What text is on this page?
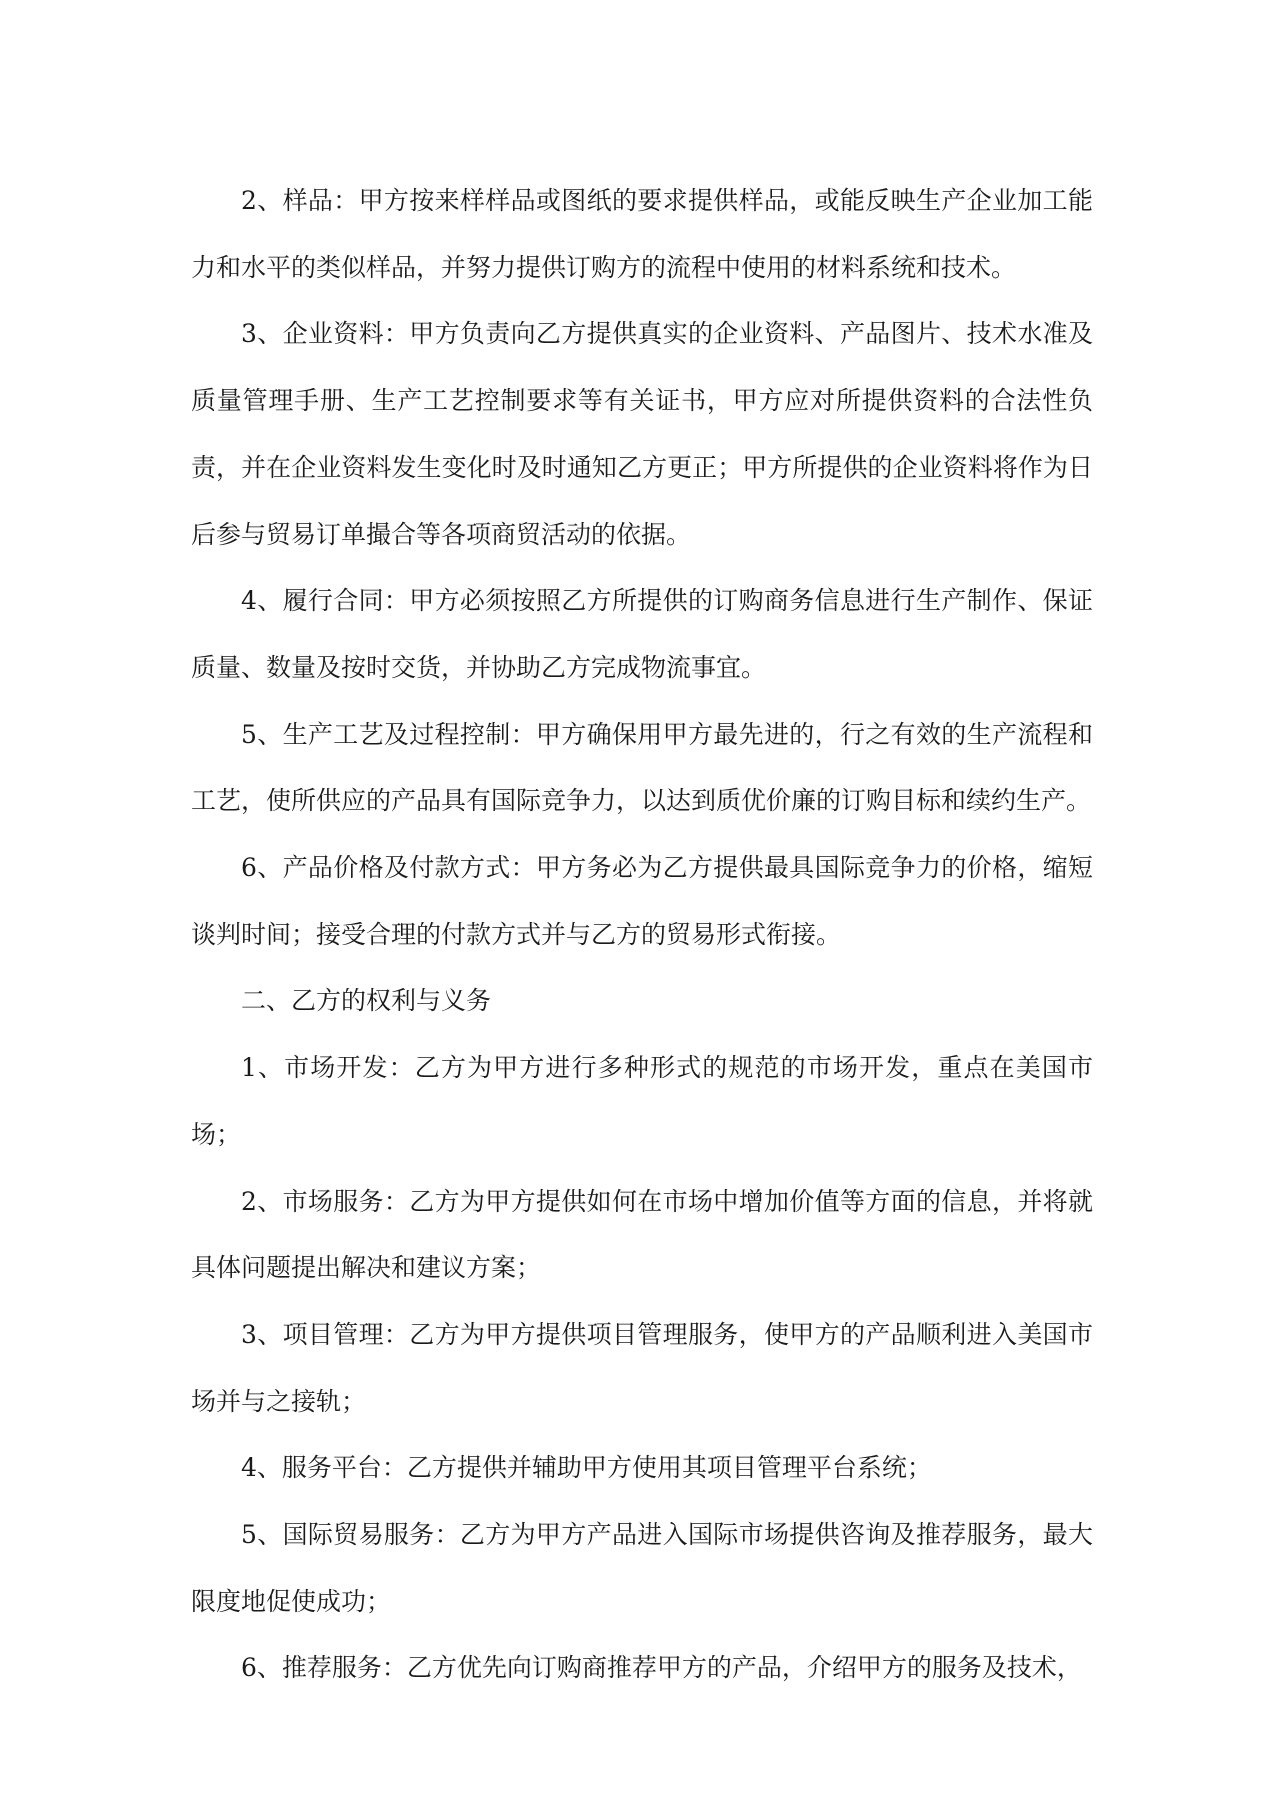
2、样品：甲方按来样样品或图纸的要求提供样品，或能反映生产企业加工能力和水平的类似样品，并努力提供订购方的流程中使用的材料系统和技术。

3、企业资料：甲方负责向乙方提供真实的企业资料、产品图片、技术水准及质量管理手册、生产工艺控制要求等有关证书，甲方应对所提供资料的合法性负责，并在企业资料发生变化时及时通知乙方更正；甲方所提供的企业资料将作为日后参与贸易订单撮合等各项商贸活动的依据。

4、履行合同：甲方必须按照乙方所提供的订购商务信息进行生产制作、保证质量、数量及按时交货，并协助乙方完成物流事宜。

5、生产工艺及过程控制：甲方确保用甲方最先进的，行之有效的生产流程和工艺，使所供应的产品具有国际竞争力，以达到质优价廉的订购目标和续约生产。

6、产品价格及付款方式：甲方务必为乙方提供最具国际竞争力的价格，缩短谈判时间；接受合理的付款方式并与乙方的贸易形式衔接。

二、乙方的权利与义务

1、市场开发：乙方为甲方进行多种形式的规范的市场开发，重点在美国市场；

2、市场服务：乙方为甲方提供如何在市场中增加价值等方面的信息，并将就具体问题提出解决和建议方案；

3、项目管理：乙方为甲方提供项目管理服务，使甲方的产品顺利进入美国市场并与之接轨；

4、服务平台：乙方提供并辅助甲方使用其项目管理平台系统；

5、国际贸易服务：乙方为甲方产品进入国际市场提供咨询及推荐服务，最大限度地促使成功；

6、推荐服务：乙方优先向订购商推荐甲方的产品，介绍甲方的服务及技术，
